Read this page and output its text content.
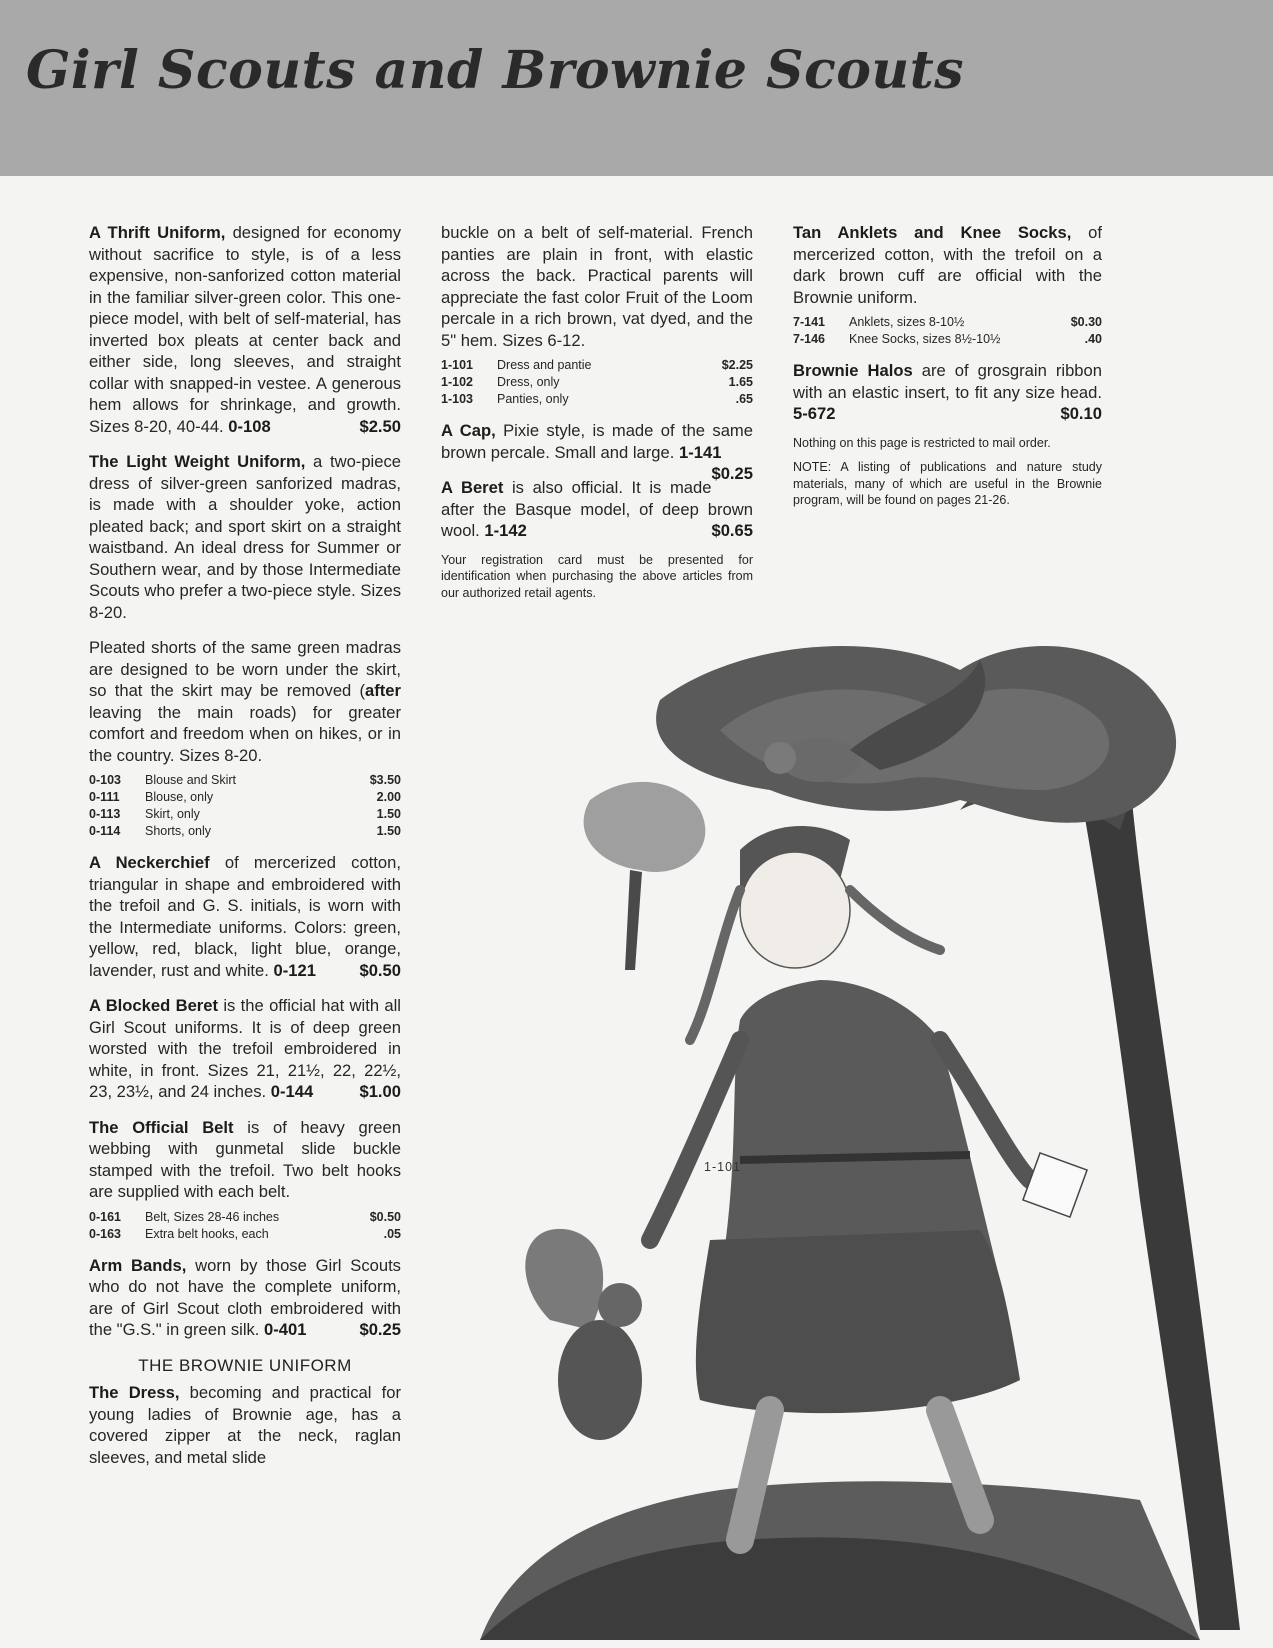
Girl Scouts and Brownie Scouts

A Thrift Uniform, designed for economy without sacrifice to style, is of a less expensive, non-sanforized cotton material in the familiar silver-green color. This one-piece model, with belt of self-material, has inverted box pleats at center back and either side, long sleeves, and straight collar with snapped-in vestee. A generous hem allows for shrinkage, and growth. Sizes 8-20, 40-44. 0-108	$2.50

The Light Weight Uniform, a two-piece dress of silver-green sanforized madras, is made with a shoulder yoke, action pleated back; and sport skirt on a straight waistband. An ideal dress for Summer or Southern wear, and by those Intermediate Scouts who prefer a two-piece style. Sizes 8-20.

Pleated shorts of the same green madras are designed to be worn under the skirt, so that the skirt may be removed (after leaving the main roads) for greater comfort and freedom when on hikes, or in the country. Sizes 8-20.

0-103	Blouse and Skirt	$3.50
0-111	Blouse, only	2.00
0-113	Skirt, only	1.50
0-114	Shorts, only	1.50

A Neckerchief of mercerized cotton, triangular in shape and embroidered with the trefoil and G. S. initials, is worn with the Intermediate uniforms. Colors: green, yellow, red, black, light blue, orange, lavender, rust and white. 0-121	$0.50

A Blocked Beret is the official hat with all Girl Scout uniforms. It is of deep green worsted with the trefoil embroidered in white, in front. Sizes 21, 21½, 22, 22½, 23, 23½, and 24 inches. 0-144	$1.00

The Official Belt is of heavy green webbing with gunmetal slide buckle stamped with the trefoil. Two belt hooks are supplied with each belt.

0-161	Belt, Sizes 28-46 inches	$0.50
0-163	Extra belt hooks, each	.05

Arm Bands, worn by those Girl Scouts who do not have the complete uniform, are of Girl Scout cloth embroidered with the "G.S." in green silk. 0-401	$0.25

THE BROWNIE UNIFORM

The Dress, becoming and practical for young ladies of Brownie age, has a covered zipper at the neck, raglan sleeves, and metal slide

buckle on a belt of self-material. French panties are plain in front, with elastic across the back. Practical parents will appreciate the fast color Fruit of the Loom percale in a rich brown, vat dyed, and the 5" hem. Sizes 6-12.

1-101	Dress and pantie	$2.25
1-102	Dress, only	1.65
1-103	Panties, only	.65

A Cap, Pixie style, is made of the same brown percale. Small and large. 1-141
$0.25

A Beret is also official. It is made after the Basque model, of deep brown wool. 1-142	$0.65

Your registration card must be presented for identification when purchasing the above articles from our authorized retail agents.

Tan Anklets and Knee Socks, of mercerized cotton, with the trefoil on a dark brown cuff are official with the Brownie uniform.

7-141	Anklets, sizes 8-10½	$0.30
7-146	Knee Socks, sizes 8½-10½	.40

Brownie Halos are of grosgrain ribbon with an elastic insert, to fit any size head. 5-672	$0.10

Nothing on this page is restricted to mail order.

NOTE: A listing of publications and nature study materials, many of which are useful in the Brownie program, will be found on pages 21-26.

1-101
